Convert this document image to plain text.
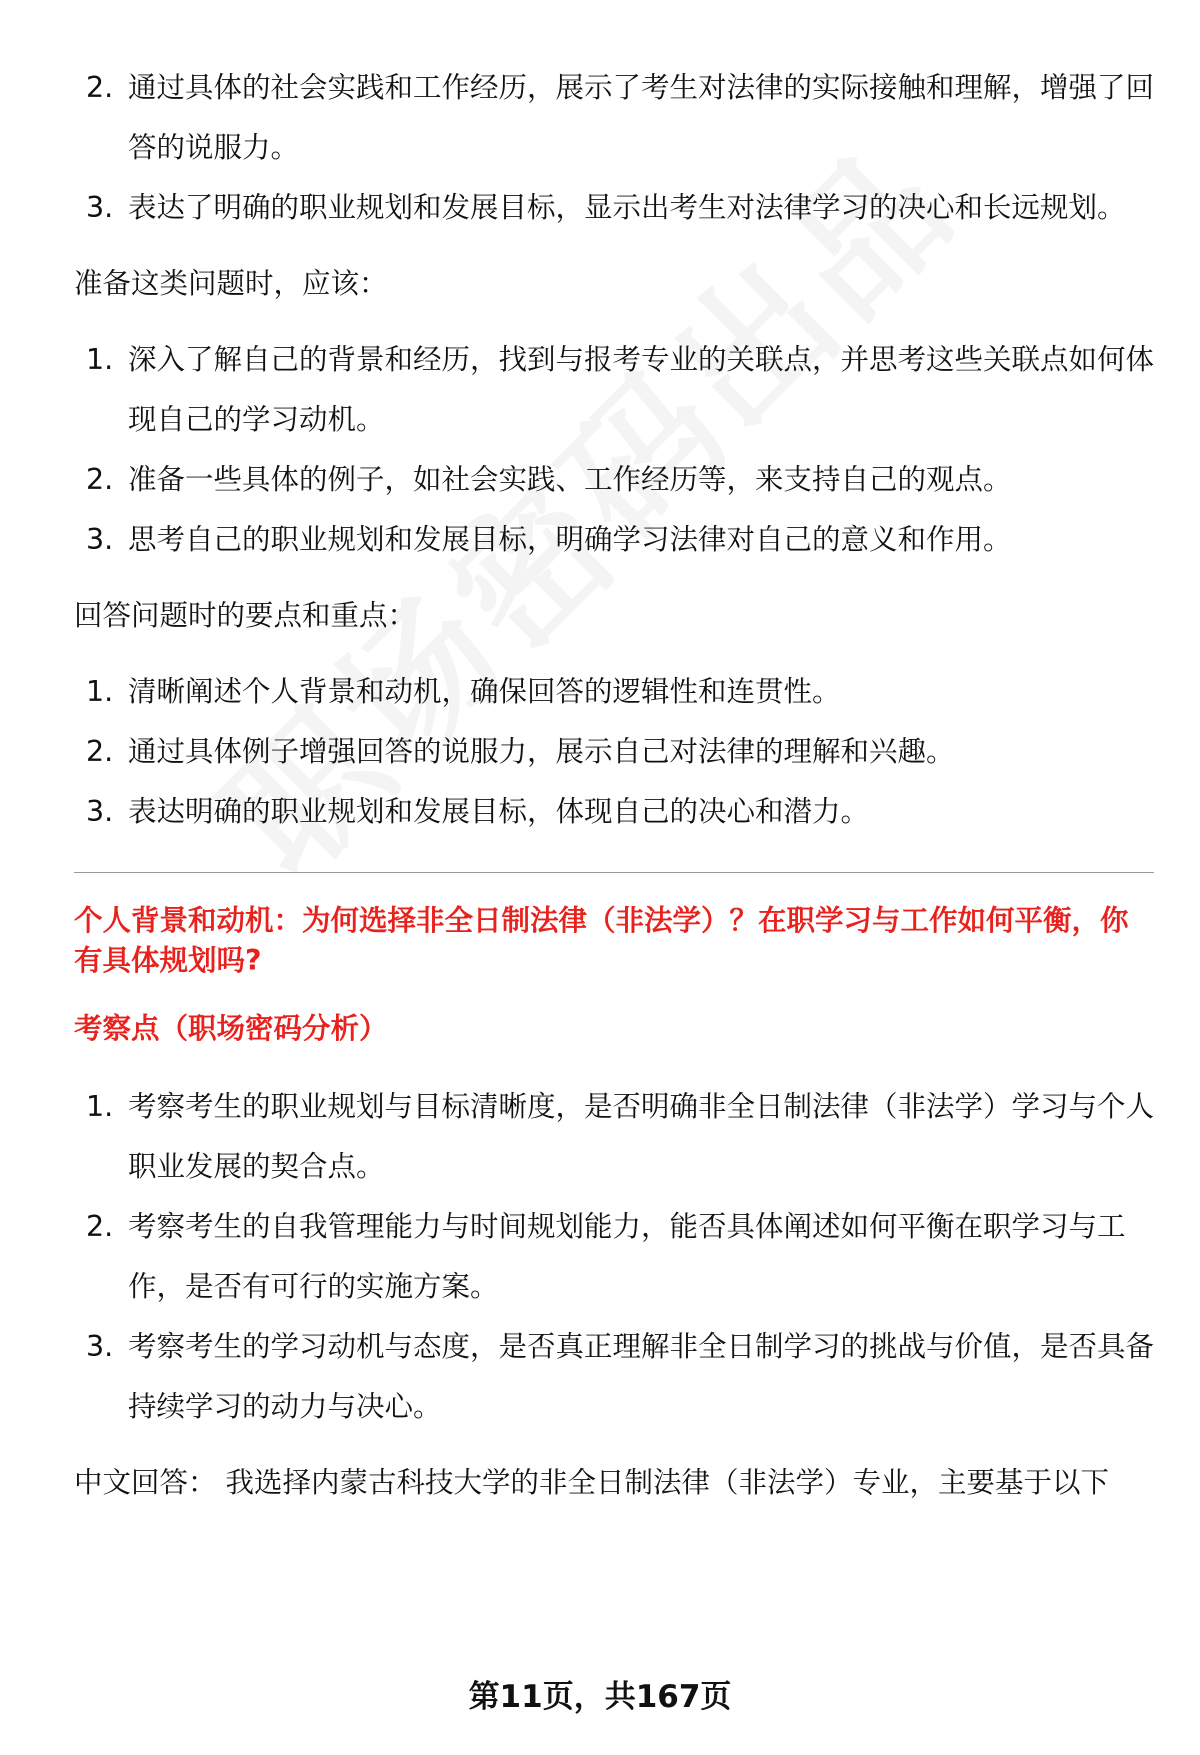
2. 通过具体的社会实践和工作经历，展示了考生对法律的实际接触和理解，增强了回答的说服力。
3. 表达了明确的职业规划和发展目标，显示出考生对法律学习的决心和长远规划。

准备这类问题时，应该：

1. 深入了解自己的背景和经历，找到与报考专业的关联点，并思考这些关联点如何体现自己的学习动机。
2. 准备一些具体的例子，如社会实践、工作经历等，来支持自己的观点。
3. 思考自己的职业规划和发展目标，明确学习法律对自己的意义和作用。

回答问题时的要点和重点：

1. 清晰阐述个人背景和动机，确保回答的逻辑性和连贯性。
2. 通过具体例子增强回答的说服力，展示自己对法律的理解和兴趣。
3. 表达明确的职业规划和发展目标，体现自己的决心和潜力。

个人背景和动机：为何选择非全日制法律（非法学）？在职学习与工作如何平衡，你有具体规划吗?

考察点（职场密码分析）

1. 考察考生的职业规划与目标清晰度，是否明确非全日制法律（非法学）学习与个人职业发展的契合点。
2. 考察考生的自我管理能力与时间规划能力，能否具体阐述如何平衡在职学习与工作，是否有可行的实施方案。
3. 考察考生的学习动机与态度，是否真正理解非全日制学习的挑战与价值，是否具备持续学习的动力与决心。

中文回答： 我选择内蒙古科技大学的非全日制法律（非法学）专业，主要基于以下

第11页，共167页
